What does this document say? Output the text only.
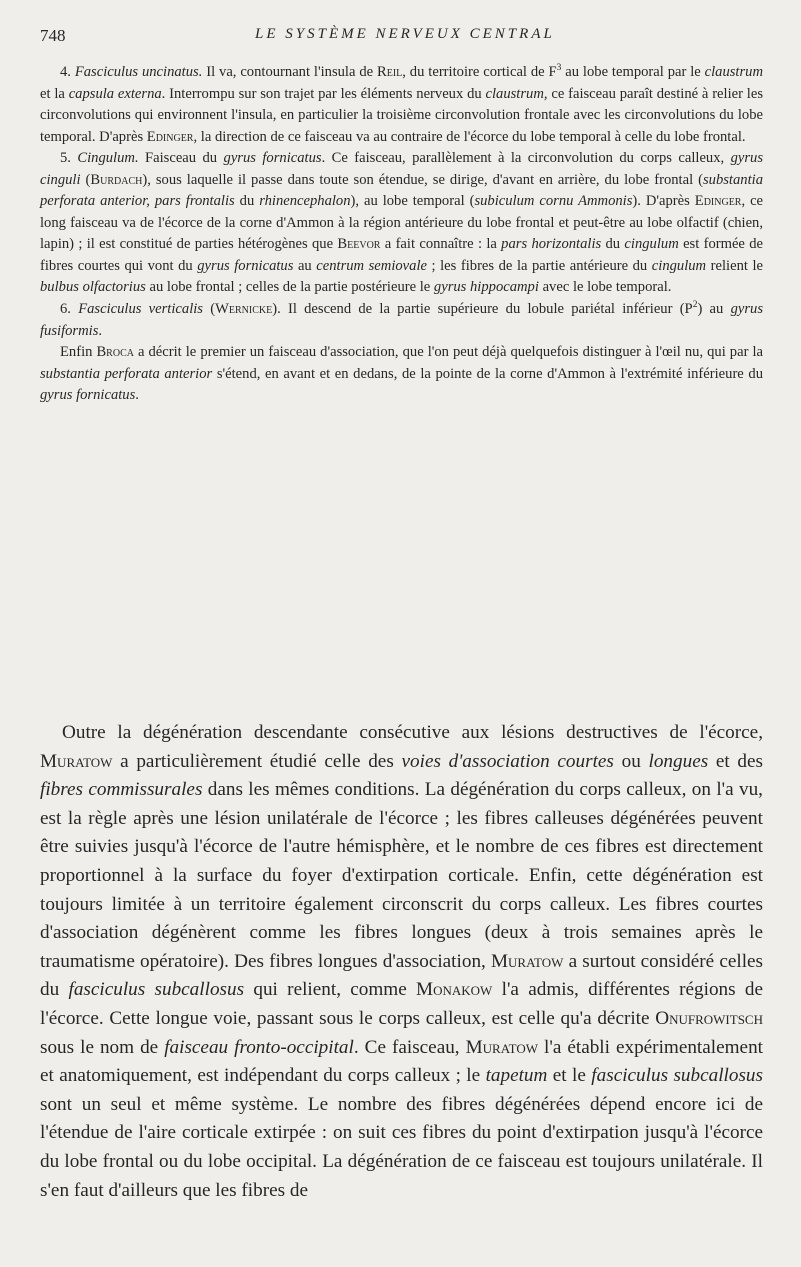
748	LE SYSTÈME NERVEUX CENTRAL

4. Fasciculus uncinatus. Il va, contournant l'insula de Reil, du territoire cortical de $F^3$ au lobe temporal par le claustrum et la capsula externa. Interrompu sur son trajet par les éléments nerveux du claustrum, ce faisceau paraît destiné à relier les circonvolutions qui environnent l'insula, en particulier la troisième circonvolution frontale avec les circonvolutions du lobe temporal. D'après Edinger, la direction de ce faisceau va au contraire de l'écorce du lobe temporal à celle du lobe frontal.

5. Cingulum. Faisceau du gyrus fornicatus. Ce faisceau, parallèlement à la circonvolution du corps calleux, gyrus cinguli (Burdach), sous laquelle il passe dans toute son étendue, se dirige, d'avant en arrière, du lobe frontal (substantia perforata anterior, pars frontalis du rhinencephalon), au lobe temporal (subiculum cornu Ammonis). D'après Edinger, ce long faisceau va de l'écorce de la corne d'Ammon à la région antérieure du lobe frontal et peut-être au lobe olfactif (chien, lapin) ; il est constitué de parties hétérogènes que Beevor a fait connaître : la pars horizontalis du cingulum est formée de fibres courtes qui vont du gyrus fornicatus au centrum semiovale ; les fibres de la partie antérieure du cingulum relient le bulbus olfactorius au lobe frontal ; celles de la partie postérieure le gyrus hippocampi avec le lobe temporal.

6. Fasciculus verticalis (Wernicke). Il descend de la partie supérieure du lobule pariétal inférieur $(P^2)$ au gyrus fusiformis.

Enfin Broca a décrit le premier un faisceau d'association, que l'on peut déjà quelquefois distinguer à l'œil nu, qui par la substantia perforata anterior s'étend, en avant et en dedans, de la pointe de la corne d'Ammon à l'extrémité inférieure du gyrus fornicatus.

Outre la dégénération descendante consécutive aux lésions destructives de l'écorce, Muratow a particulièrement étudié celle des voies d'association courtes ou longues et des fibres commissurales dans les mêmes conditions. La dégénération du corps calleux, on l'a vu, est la règle après une lésion unilatérale de l'écorce ; les fibres calleuses dégénérées peuvent être suivies jusqu'à l'écorce de l'autre hémisphère, et le nombre de ces fibres est directement proportionnel à la surface du foyer d'extirpation corticale. Enfin, cette dégénération est toujours limitée à un territoire également circonscrit du corps calleux. Les fibres courtes d'association dégénèrent comme les fibres longues (deux à trois semaines après le traumatisme opératoire). Des fibres longues d'association, Muratow a surtout considéré celles du fasciculus subcallosus qui relient, comme Monakow l'a admis, différentes régions de l'écorce. Cette longue voie, passant sous le corps calleux, est celle qu'a décrite Onufrowitsch sous le nom de faisceau fronto-occipital. Ce faisceau, Muratow l'a établi expérimentalement et anatomiquement, est indépendant du corps calleux ; le tapetum et le fasciculus subcallosus sont un seul et même système. Le nombre des fibres dégénérées dépend encore ici de l'étendue de l'aire corticale extirpée : on suit ces fibres du point d'extirpation jusqu'à l'écorce du lobe frontal ou du lobe occipital. La dégénération de ce faisceau est toujours unilatérale. Il s'en faut d'ailleurs que les fibres de
